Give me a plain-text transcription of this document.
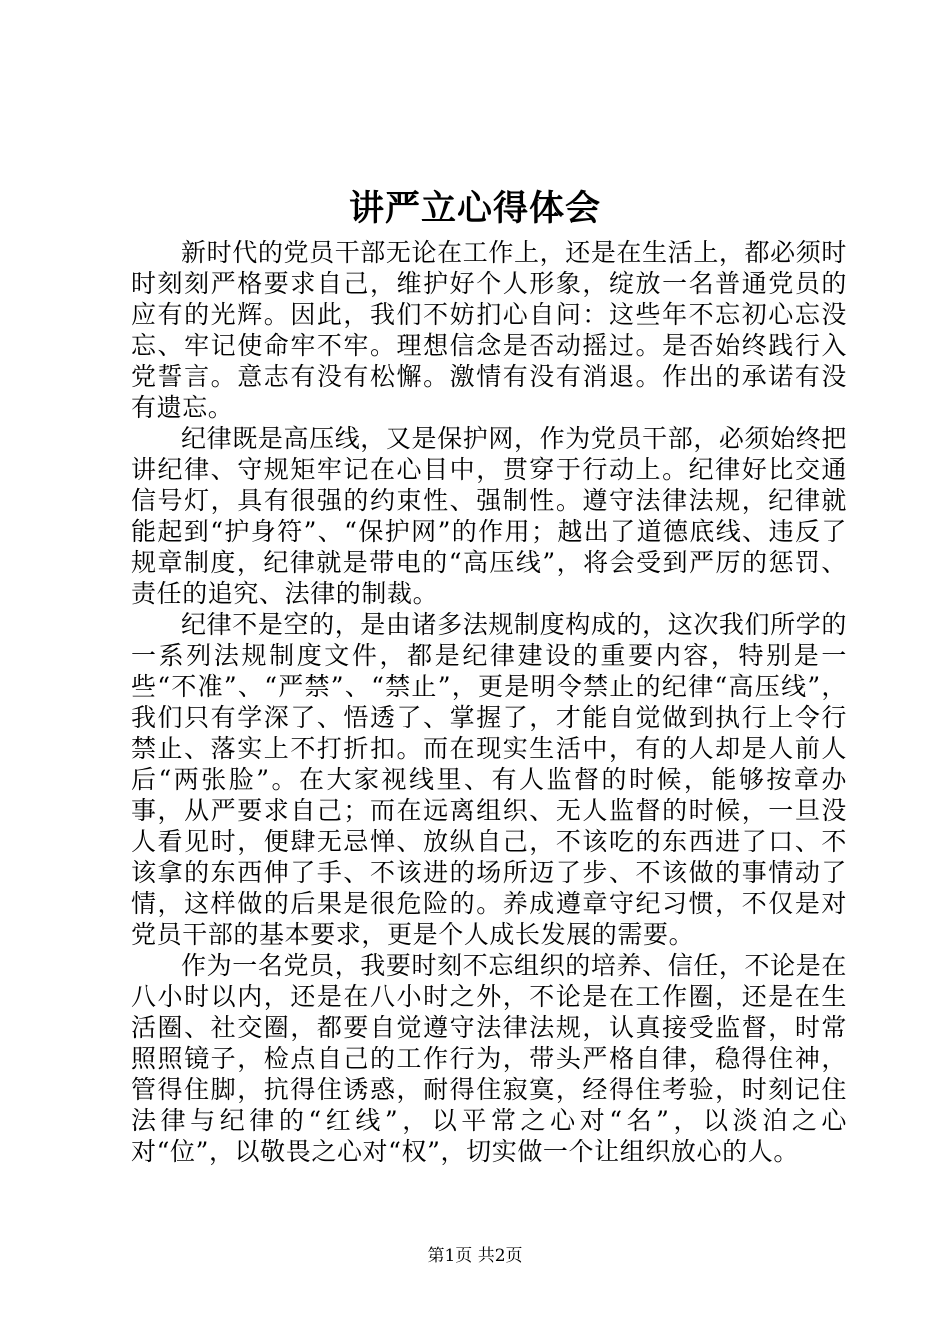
讲严立心得体会

新时代的党员干部无论在工作上，还是在生活上，都必须时时刻刻严格要求自己，维护好个人形象，绽放一名普通党员的应有的光辉。因此，我们不妨扪心自问：这些年不忘初心忘没忘、牢记使命牢不牢。理想信念是否动摇过。是否始终践行入党誓言。意志有没有松懈。激情有没有消退。作出的承诺有没有遗忘。

纪律既是高压线，又是保护网，作为党员干部，必须始终把讲纪律、守规矩牢记在心目中，贯穿于行动上。纪律好比交通信号灯，具有很强的约束性、强制性。遵守法律法规，纪律就能起到“护身符”、“保护网”的作用；越出了道德底线、违反了规章制度，纪律就是带电的“高压线”，将会受到严厉的惩罚、责任的追究、法律的制裁。

纪律不是空的，是由诸多法规制度构成的，这次我们所学的一系列法规制度文件，都是纪律建设的重要内容，特别是一些“不准”、“严禁”、“禁止”，更是明令禁止的纪律“高压线”，我们只有学深了、悟透了、掌握了，才能自觉做到执行上令行禁止、落实上不打折扣。而在现实生活中，有的人却是人前人后“两张脸”。在大家视线里、有人监督的时候，能够按章办事，从严要求自己；而在远离组织、无人监督的时候，一旦没人看见时，便肆无忌惮、放纵自己，不该吃的东西进了口、不该拿的东西伸了手、不该进的场所迈了步、不该做的事情动了情，这样做的后果是很危险的。养成遵章守纪习惯，不仅是对党员干部的基本要求，更是个人成长发展的需要。

作为一名党员，我要时刻不忘组织的培养、信任，不论是在八小时以内，还是在八小时之外，不论是在工作圈，还是在生活圈、社交圈，都要自觉遵守法律法规，认真接受监督，时常照照镜子，检点自己的工作行为，带头严格自律，稳得住神，管得住脚，抗得住诱惑，耐得住寂寞，经得住考验，时刻记住法律与纪律的“红线”，以平常之心对“名”，以淡泊之心对“位”，以敬畏之心对“权”，切实做一个让组织放心的人。

第1页 共2页
